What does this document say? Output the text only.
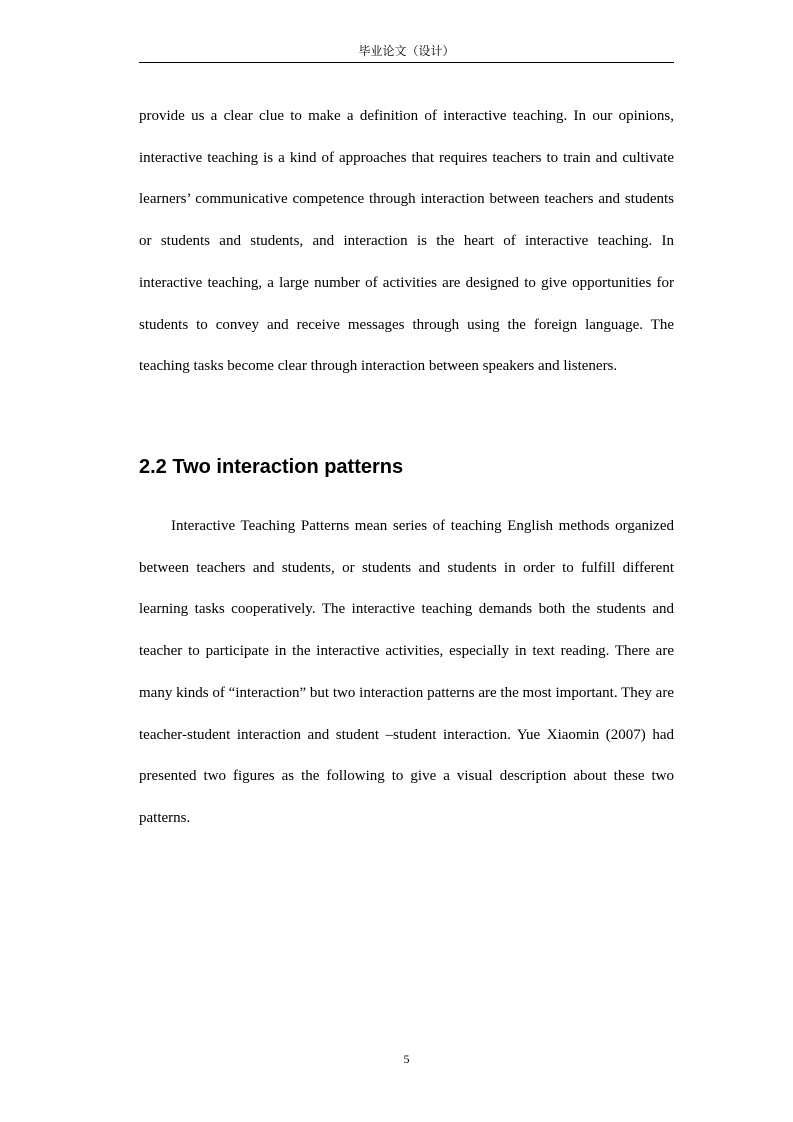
毕业论文（设计）

provide us a clear clue to make a definition of interactive teaching. In our opinions, interactive teaching is a kind of approaches that requires teachers to train and cultivate learners’ communicative competence through interaction between teachers and students or students and students, and interaction is the heart of interactive teaching. In interactive teaching, a large number of activities are designed to give opportunities for students to convey and receive messages through using the foreign language. The teaching tasks become clear through interaction between speakers and listeners.

2.2 Two interaction patterns

Interactive Teaching Patterns mean series of teaching English methods organized between teachers and students, or students and students in order to fulfill different learning tasks cooperatively. The interactive teaching demands both the students and teacher to participate in the interactive activities, especially in text reading. There are many kinds of “interaction” but two interaction patterns are the most important. They are teacher-student interaction and student –student interaction. Yue Xiaomin (2007) had presented two figures as the following to give a visual description about these two patterns.

5
